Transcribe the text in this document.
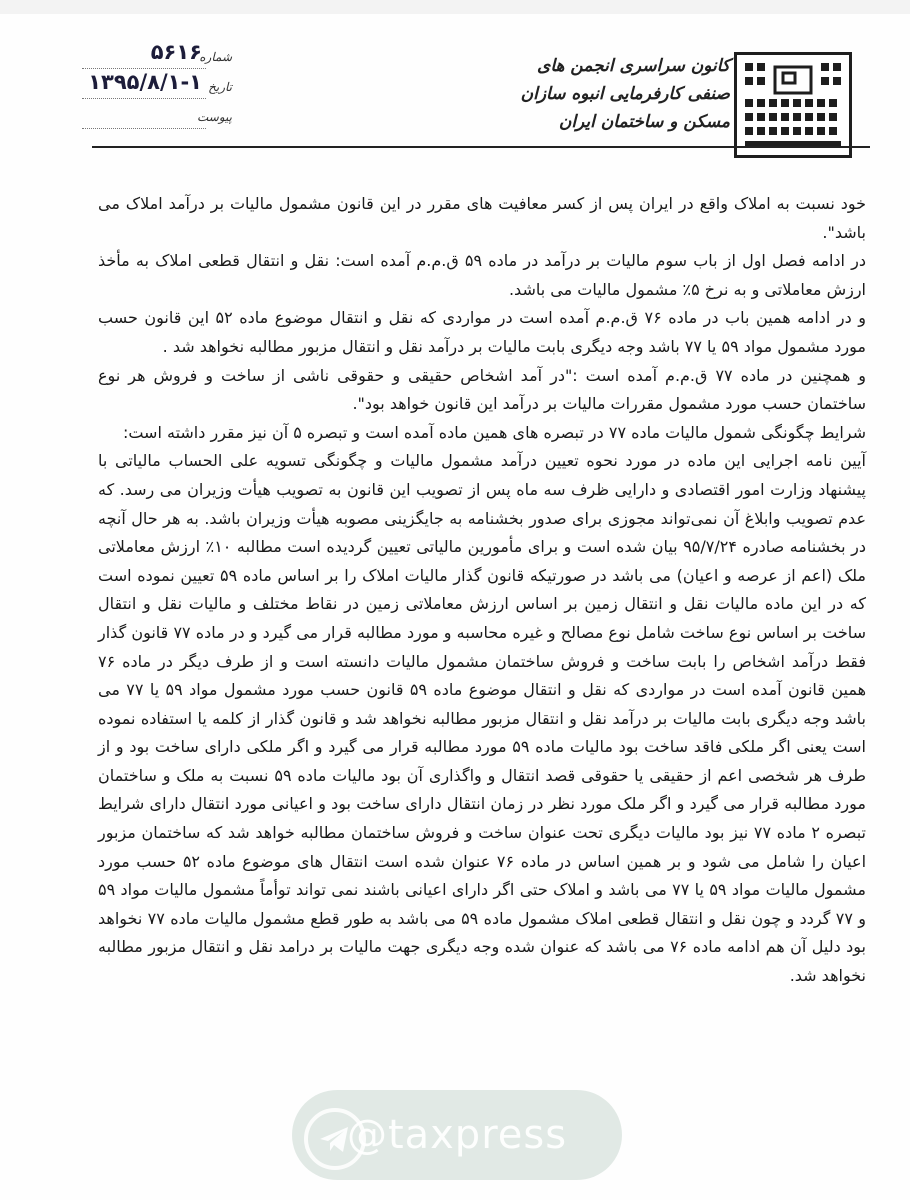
کانون سراسری انجمن های
صنفی کارفرمایی انبوه سازان
مسکن و ساختمان ایران
شماره
۵۶۱۶
تاریخ
۱۳۹۵/۸/۱-۱
پیوست

خود نسبت به املاک واقع در ایران پس از کسر معافیت های مقرر در این قانون مشمول مالیات بر درآمد املاک می باشد".

در ادامه فصل اول از باب سوم مالیات بر درآمد در ماده ۵۹ ق.م.م آمده است: نقل و انتقال قطعی املاک به مأخذ ارزش معاملاتی و به نرخ ۵٪ مشمول مالیات می باشد.

و در ادامه همین باب در ماده ۷۶ ق.م.م آمده است در مواردی که نقل و انتقال موضوع ماده ۵۲ این قانون حسب مورد مشمول مواد ۵۹ یا ۷۷ باشد وجه دیگری بابت مالیات بر درآمد نقل و انتقال مزبور مطالبه نخواهد شد .

و همچنین در ماده ۷۷ ق.م.م آمده است :"در آمد اشخاص حقیقی و حقوقی ناشی از ساخت و فروش هر نوع ساختمان حسب مورد مشمول مقررات مالیات بر درآمد این قانون خواهد بود".

شرایط چگونگی شمول مالیات ماده ۷۷ در تبصره های همین ماده آمده است و تبصره ۵ آن نیز مقرر داشته است:

آیین نامه اجرایی این ماده در مورد نحوه تعیین درآمد مشمول مالیات و چگونگی تسویه علی الحساب مالیاتی با پیشنهاد وزارت امور اقتصادی و دارایی ظرف سه ماه پس از تصویب این قانون به تصویب هیأت وزیران می رسد. که عدم تصویب وابلاغ آن نمی‌تواند مجوزی برای صدور بخشنامه به جایگزینی مصوبه هیأت وزیران باشد. به هر حال آنچه در بخشنامه صادره ۹۵/۷/۲۴ بیان شده است و برای مأمورین مالیاتی تعیین گردیده است مطالبه ۱۰٪ ارزش معاملاتی ملک (اعم از عرصه و اعیان) می باشد در صورتیکه قانون گذار مالیات املاک را بر اساس ماده ۵۹ تعیین نموده است که در این ماده مالیات نقل و انتقال زمین بر اساس ارزش معاملاتی زمین در نقاط مختلف و مالیات نقل و انتقال ساخت بر اساس نوع ساخت شامل نوع مصالح و غیره محاسبه و مورد مطالبه قرار می گیرد و در ماده ۷۷ قانون گذار فقط درآمد اشخاص را بابت ساخت و فروش ساختمان مشمول مالیات دانسته است و از طرف دیگر در ماده ۷۶ همین قانون آمده است در مواردی که نقل و انتقال موضوع ماده ۵۹ قانون حسب مورد مشمول مواد ۵۹ یا ۷۷ می باشد وجه دیگری بابت مالیات بر درآمد نقل و انتقال مزبور مطالبه نخواهد شد و قانون گذار از کلمه یا استفاده نموده است یعنی اگر ملکی فاقد ساخت بود مالیات ماده ۵۹ مورد مطالبه قرار می گیرد و اگر ملکی دارای ساخت بود و از طرف هر شخصی اعم از حقیقی یا حقوقی قصد انتقال و واگذاری آن بود مالیات ماده ۵۹ نسبت به ملک و ساختمان مورد مطالبه قرار می گیرد و اگر ملک مورد نظر در زمان انتقال دارای ساخت بود و اعیانی مورد انتقال دارای شرایط تبصره ۲ ماده ۷۷ نیز بود مالیات دیگری تحت عنوان ساخت و فروش ساختمان مطالبه خواهد شد که ساختمان مزبور اعیان را شامل می شود و بر همین اساس در ماده ۷۶ عنوان شده است انتقال های موضوع ماده ۵۲ حسب مورد مشمول مالیات مواد ۵۹ یا ۷۷ می باشد و املاک حتی اگر دارای اعیانی باشند نمی تواند توأماً مشمول مالیات مواد ۵۹ و ۷۷ گردد و چون نقل و انتقال قطعی املاک مشمول ماده ۵۹ می باشد به طور قطع مشمول مالیات ماده ۷۷ نخواهد بود دلیل آن هم ادامه ماده ۷۶ می باشد که عنوان شده وجه دیگری جهت مالیات بر درامد نقل و انتقال مزبور مطالبه نخواهد شد.

@taxpress
